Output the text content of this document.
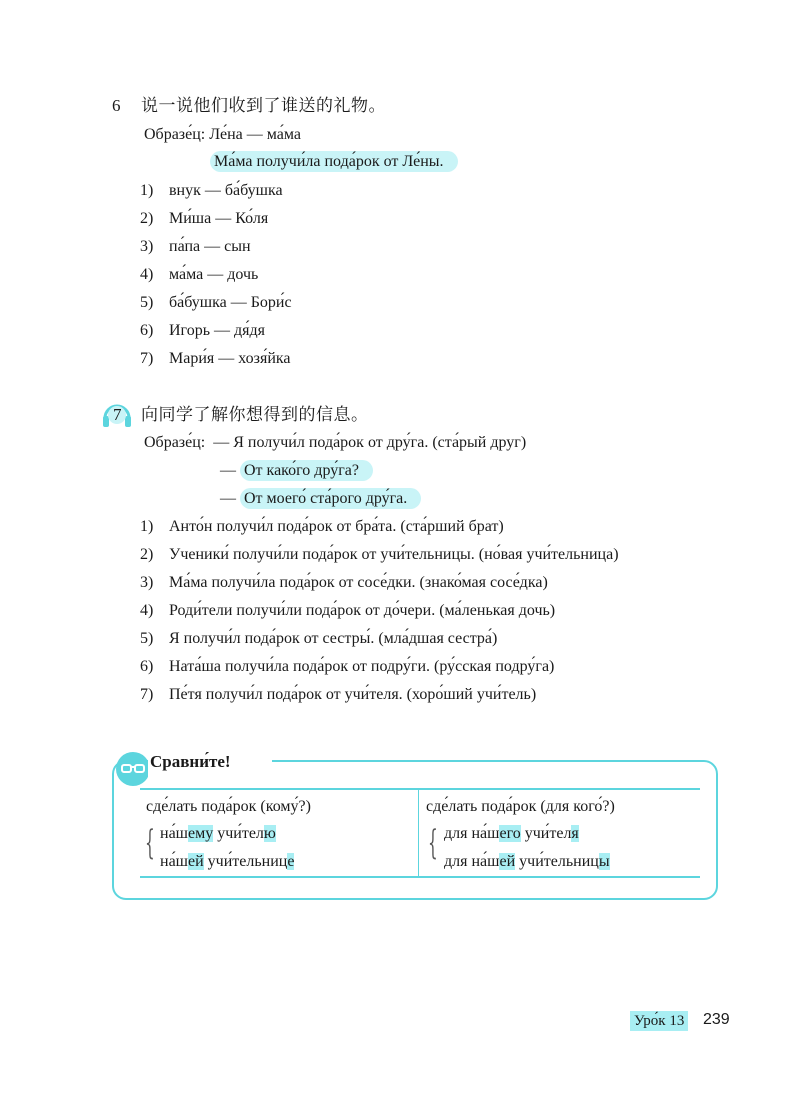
6 说一说他们收到了谁送的礼物。
Образе́ц: Ле́на — ма́ма
Ма́ма получи́ла пода́рок от Ле́ны.
1) внук — ба́бушка
2) Ми́ша — Ко́ля
3) па́па — сын
4) ма́ма — дочь
5) ба́бушка — Бори́с
6) Игорь — дя́дя
7) Мари́я — хозя́йка
7 向同学了解你想得到的信息。
Образе́ц: — Я получи́л пода́рок от дру́га. (ста́рый друг)
— От како́го дру́га?
— От моего́ ста́рого дру́га.
1) Анто́н получи́л пода́рок от бра́та. (ста́рший брат)
2) Ученики́ получи́ли пода́рок от учи́тельницы. (но́вая учи́тельница)
3) Ма́ма получи́ла пода́рок от сосе́дки. (знако́мая сосе́дка)
4) Роди́тели получи́ли пода́рок от до́чери. (ма́ленькая дочь)
5) Я получи́л пода́рок от сестры́. (мла́дшая сестра́)
6) Ната́ша получи́ла пода́рок от подру́ги. (ру́сская подру́га)
7) Пе́тя получи́л пода́рок от учи́теля. (хоро́ший учи́тель)
Сравни́те!
сде́лать пода́рок (кому́?)
{ на́шему учи́телю
на́шей учи́тельнице
сде́лать пода́рок (для кого́?)
{ для на́шего учи́теля
для на́шей учи́тельницы
Уро́к 13 239
